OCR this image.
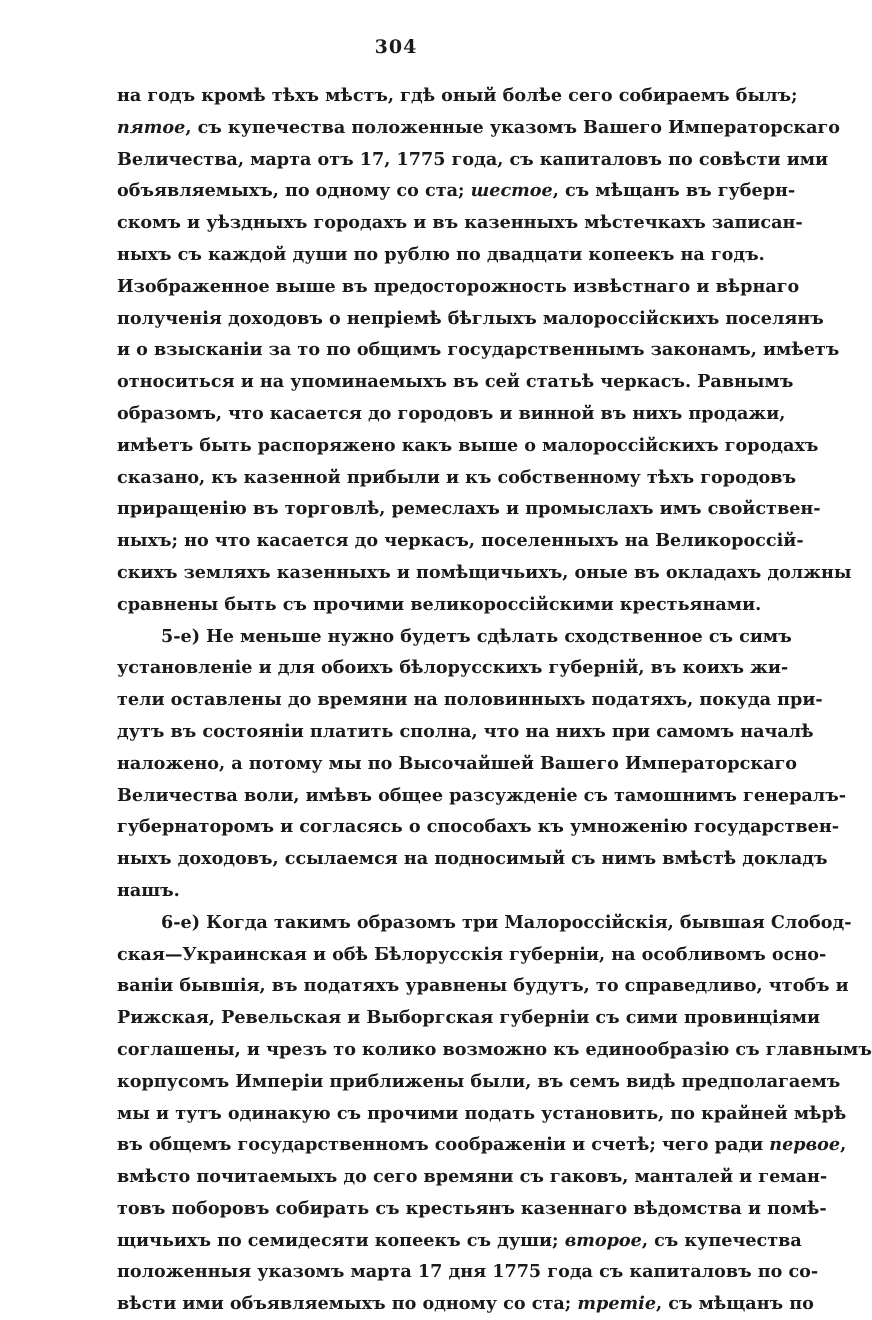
304
на годъ кромѣ тѣхъ мѣстъ, гдѣ оный болѣе сего собираемъ былъ;
пятое, съ купечества положенные указомъ Вашего Императорскаго
Величества, марта отъ 17, 1775 года, съ капиталовъ по совѣсти ими
объявляемыхъ, по одному со ста; шестое, съ мѣщанъ въ губерн-
скомъ и уѣздныхъ городахъ и въ казенныхъ мѣстечкахъ записан-
ныхъ съ каждой души по рублю по двадцати копеекъ на годъ.
Изображенное выше въ предосторожность извѣстнаго и вѣрнаго
полученія доходовъ о непріемѣ бѣглыхъ малороссійскихъ поселянъ
и о взысканіи за то по общимъ государственнымъ законамъ, имѣетъ
относиться и на упоминаемыхъ въ сей статьѣ черкасъ. Равнымъ
образомъ, что касается до городовъ и винной въ нихъ продажи,
имѣетъ быть распоряжено какъ выше о малороссійскихъ городахъ
сказано, къ казенной прибыли и къ собственному тѣхъ городовъ
приращенію въ торговлѣ, ремеслахъ и промыслахъ имъ свойствен-
ныхъ; но что касается до черкасъ, поселенныхъ на Великороссій-
скихъ земляхъ казенныхъ и помѣщичьихъ, оные въ окладахъ должны
сравнены быть съ прочими великороссійскими крестьянами.
5-е) Не меньше нужно будетъ сдѣлать сходственное съ симъ
установленіе и для обоихъ бѣлорусскихъ губерній, въ коихъ жи-
тели оставлены до времяни на половинныхъ податяхъ, покуда при-
дутъ въ состояніи платить сполна, что на нихъ при самомъ началѣ
наложено, а потому мы по Высочайшей Вашего Императорскаго
Величества воли, имѣвъ общее разсужденіе съ тамошнимъ генералъ-
губернаторомъ и согласясь о способахъ къ умноженію государствен-
ныхъ доходовъ, ссылаемся на подносимый съ нимъ вмѣстѣ докладъ
нашъ.
6-е) Когда такимъ образомъ три Малороссійскія, бывшая Слобод-
ская—Украинская и обѣ Бѣлорусскія губерніи, на особливомъ осно-
ваніи бывшія, въ податяхъ уравнены будутъ, то справедливо, чтобъ и
Рижская, Ревельская и Выборгская губерніи съ сими провинціями
соглашены, и чрезъ то колико возможно къ единообразію съ главнымъ
корпусомъ Имперіи приближены были, въ семъ видѣ предполагаемъ
мы и тутъ одинакую съ прочими подать установить, по крайней мѣрѣ
въ общемъ государственномъ соображеніи и счетѣ; чего ради первое,
вмѣсто почитаемыхъ до сего времяни съ гаковъ, манталей и геман-
товъ поборовъ собирать съ крестьянъ казеннаго вѣдомства и помѣ-
щичьихъ по семидесяти копеекъ съ души; второе, съ купечества
положенныя указомъ марта 17 дня 1775 года съ капиталовъ по со-
вѣсти ими объявляемыхъ по одному со ста; третіе, съ мѣщанъ по
